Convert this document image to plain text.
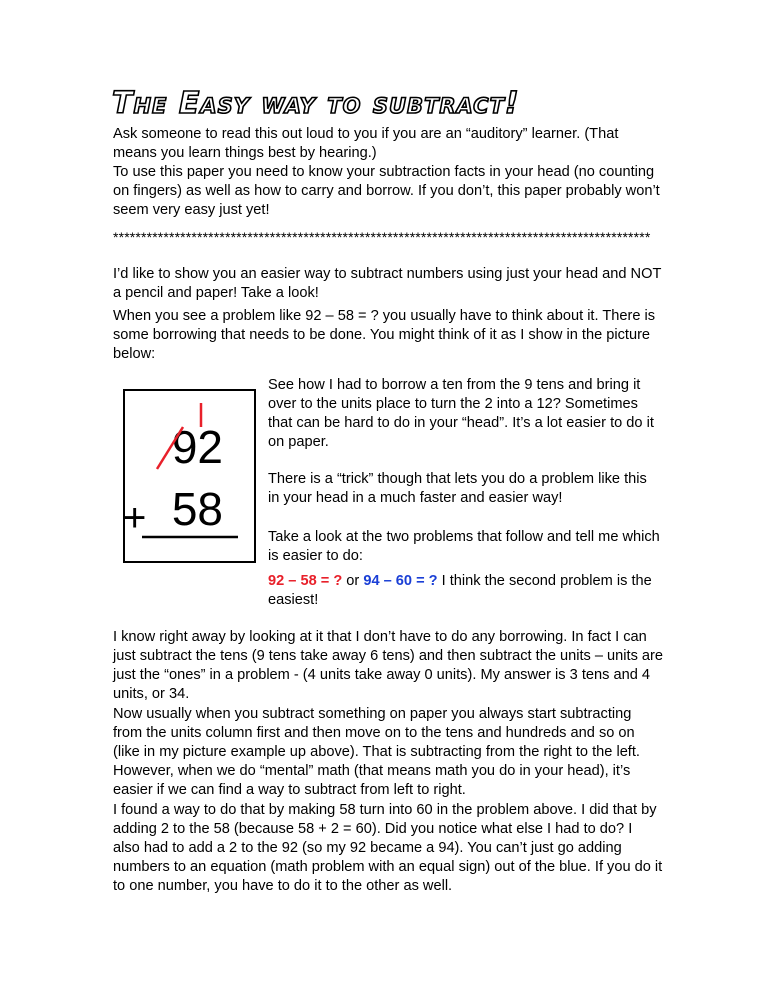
The Easy way to subtract!

Ask someone to read this out loud to you if you are an “auditory” learner. (That means you learn things best by hearing.)

To use this paper you need to know your subtraction facts in your head (no counting on fingers) as well as how to carry and borrow. If you don’t, this paper probably won’t seem very easy just yet!

************************************************************************************************

I’d like to show you an easier way to subtract numbers using just your head and NOT a pencil and paper! Take a look!

When you see a problem like 92 – 58 = ? you usually have to think about it. There is some borrowing that needs to be done. You might think of it as I show in the picture below:

92
58
+

See how I had to borrow a ten from the 9 tens and bring it over to the units place to turn the 2 into a 12? Sometimes that can be hard to do in your “head”. It’s a lot easier to do it on paper.

There is a “trick” though that lets you do a problem like this in your head in a much faster and easier way!

Take a look at the two problems that follow and tell me which is easier to do:

92 – 58 = ? or 94 – 60 = ? I think the second problem is the easiest!

I know right away by looking at it that I don’t have to do any borrowing. In fact I can just subtract the tens (9 tens take away 6 tens) and then subtract the units – units are just the “ones” in a problem - (4 units take away 0 units). My answer is 3 tens and 4 units, or 34.

Now usually when you subtract something on paper you always start subtracting from the units column first and then move on to the tens and hundreds and so on (like in my picture example up above). That is subtracting from the right to the left. However, when we do “mental” math (that means math you do in your head), it’s easier if we can find a way to subtract from left to right.

I found a way to do that by making 58 turn into 60 in the problem above. I did that by adding 2 to the 58 (because 58 + 2 = 60). Did you notice what else I had to do? I also had to add a 2 to the 92 (so my 92 became a 94). You can’t just go adding numbers to an equation (math problem with an equal sign) out of the blue. If you do it to one number, you have to do it to the other as well.
